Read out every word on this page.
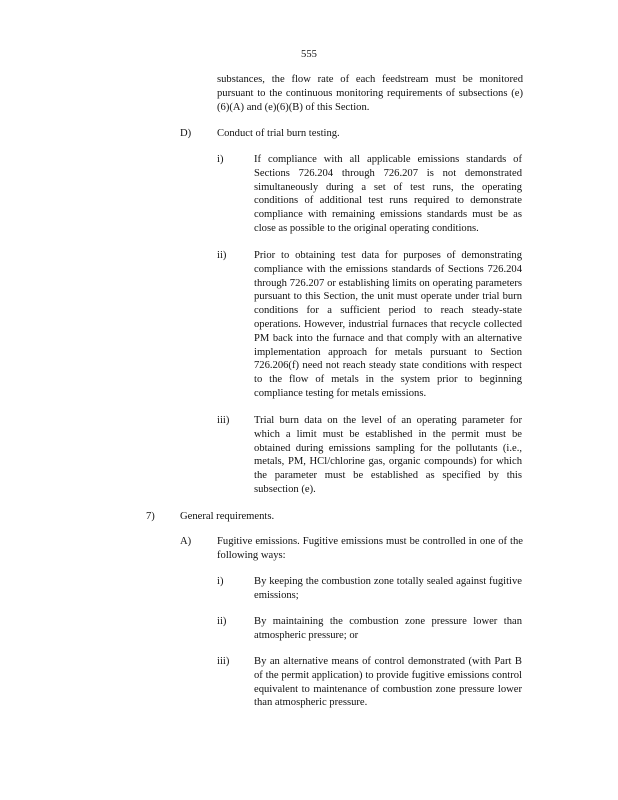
555
substances, the flow rate of each feedstream must be monitored pursuant to the continuous monitoring requirements of subsections (e)(6)(A) and (e)(6)(B) of this Section.
D) Conduct of trial burn testing.
i)	If compliance with all applicable emissions standards of Sections 726.204 through 726.207 is not demonstrated simultaneously during a set of test runs, the operating conditions of additional test runs required to demonstrate compliance with remaining emissions standards must be as close as possible to the original operating conditions.
ii)	Prior to obtaining test data for purposes of demonstrating compliance with the emissions standards of Sections 726.204 through 726.207 or establishing limits on operating parameters pursuant to this Section, the unit must operate under trial burn conditions for a sufficient period to reach steady-state operations. However, industrial furnaces that recycle collected PM back into the furnace and that comply with an alternative implementation approach for metals pursuant to Section 726.206(f) need not reach steady state conditions with respect to the flow of metals in the system prior to beginning compliance testing for metals emissions.
iii) Trial burn data on the level of an operating parameter for which a limit must be established in the permit must be obtained during emissions sampling for the pollutants (i.e., metals, PM, HCl/chlorine gas, organic compounds) for which the parameter must be established as specified by this subsection (e).
7) General requirements.
A) Fugitive emissions. Fugitive emissions must be controlled in one of the following ways:
i)	By keeping the combustion zone totally sealed against fugitive emissions;
ii)	By maintaining the combustion zone pressure lower than atmospheric pressure; or
iii) By an alternative means of control demonstrated (with Part B of the permit application) to provide fugitive emissions control equivalent to maintenance of combustion zone pressure lower than atmospheric pressure.
